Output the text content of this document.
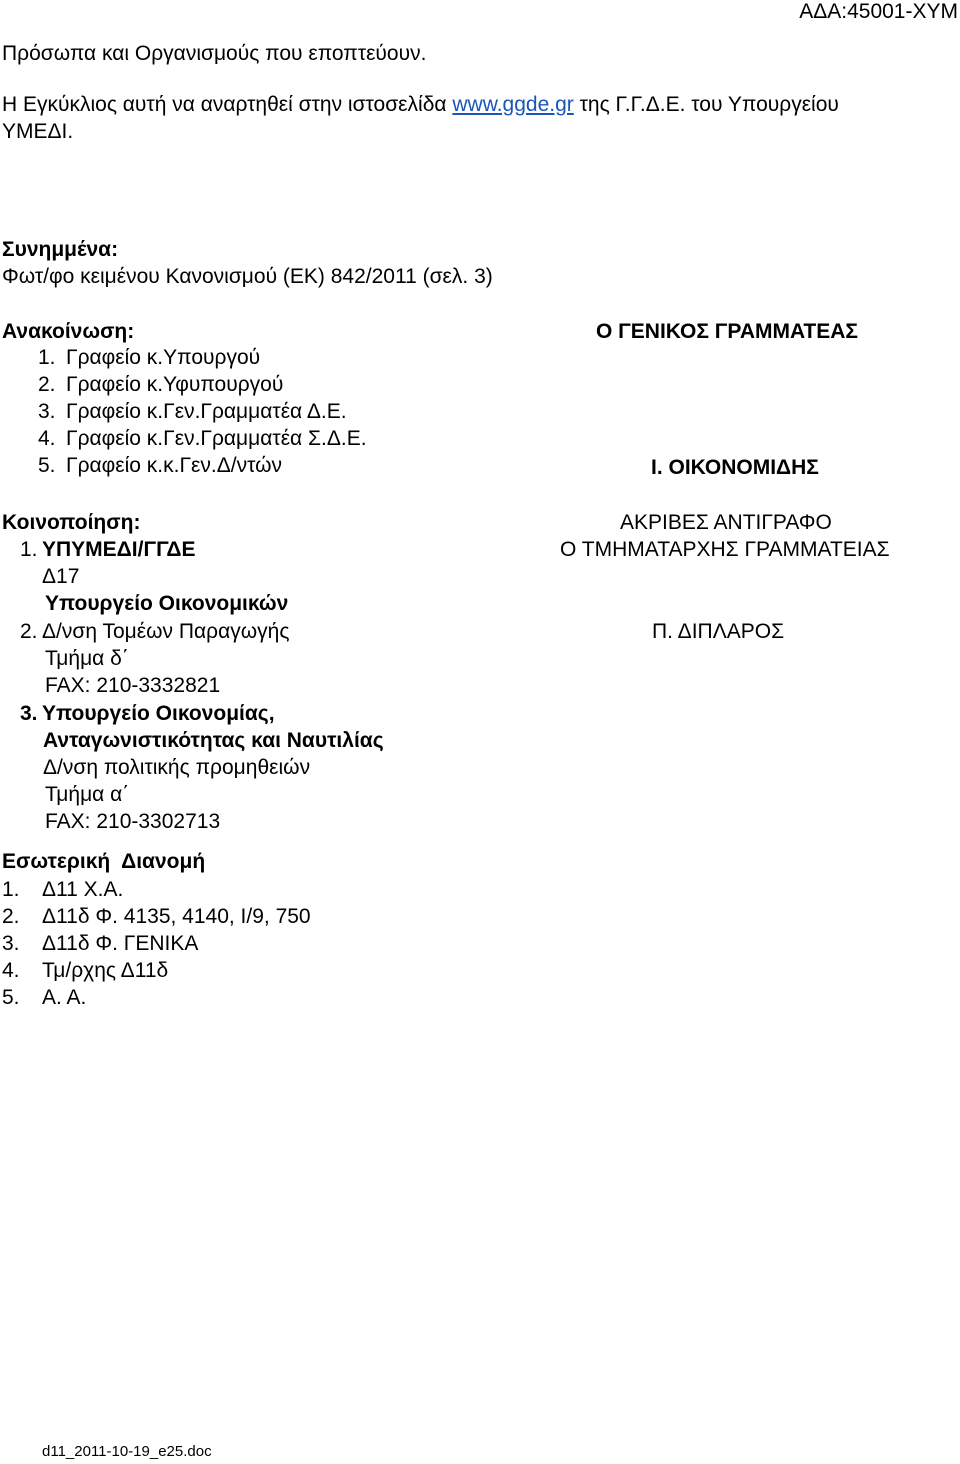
ΑΔΑ:45001-ΧΥΜ
Πρόσωπα και Οργανισμούς που εποπτεύουν.
Η Εγκύκλιος αυτή να αναρτηθεί στην ιστοσελίδα www.ggde.gr της Γ.Γ.Δ.Ε. του Υπουργείου
ΥΜΕΔΙ.
Συνημμένα:
Φωτ/φο κειμένου Κανονισμού (ΕΚ) 842/2011 (σελ. 3)
Ανακοίνωση:
1. Γραφείο κ.Υπουργού
2. Γραφείο κ.Υφυπουργού
3. Γραφείο κ.Γεν.Γραμματέα Δ.Ε.
4. Γραφείο κ.Γεν.Γραμματέα Σ.Δ.Ε.
5. Γραφείο κ.κ.Γεν.Δ/ντών
Ο ΓΕΝΙΚΟΣ ΓΡΑΜΜΑΤΕΑΣ
Ι. ΟΙΚΟΝΟΜΙΔΗΣ
ΑΚΡΙΒΕΣ ΑΝΤΙΓΡΑΦΟ
Ο ΤΜΗΜΑΤΑΡΧΗΣ ΓΡΑΜΜΑΤΕΙΑΣ
Π. ΔΙΠΛΑΡΟΣ
Κοινοποίηση:
1. ΥΠΥΜΕΔΙ/ΓΓΔΕ
Δ17
Υπουργείο Οικονομικών
2. Δ/νση Τομέων Παραγωγής
Τμήμα δ΄
FAX: 210-3332821
3. Υπουργείο Οικονομίας,
Ανταγωνιστικότητας και Ναυτιλίας
Δ/νση πολιτικής προμηθειών
Τμήμα α΄
FAX: 210-3302713
Εσωτερική  Διανομή
1. Δ11 Χ.Α.
2. Δ11δ Φ. 4135, 4140, Ι/9, 750
3. Δ11δ Φ. ΓΕΝΙΚΑ
4. Τμ/ρχης Δ11δ
5. Α. Α.
d11_2011-10-19_e25.doc
